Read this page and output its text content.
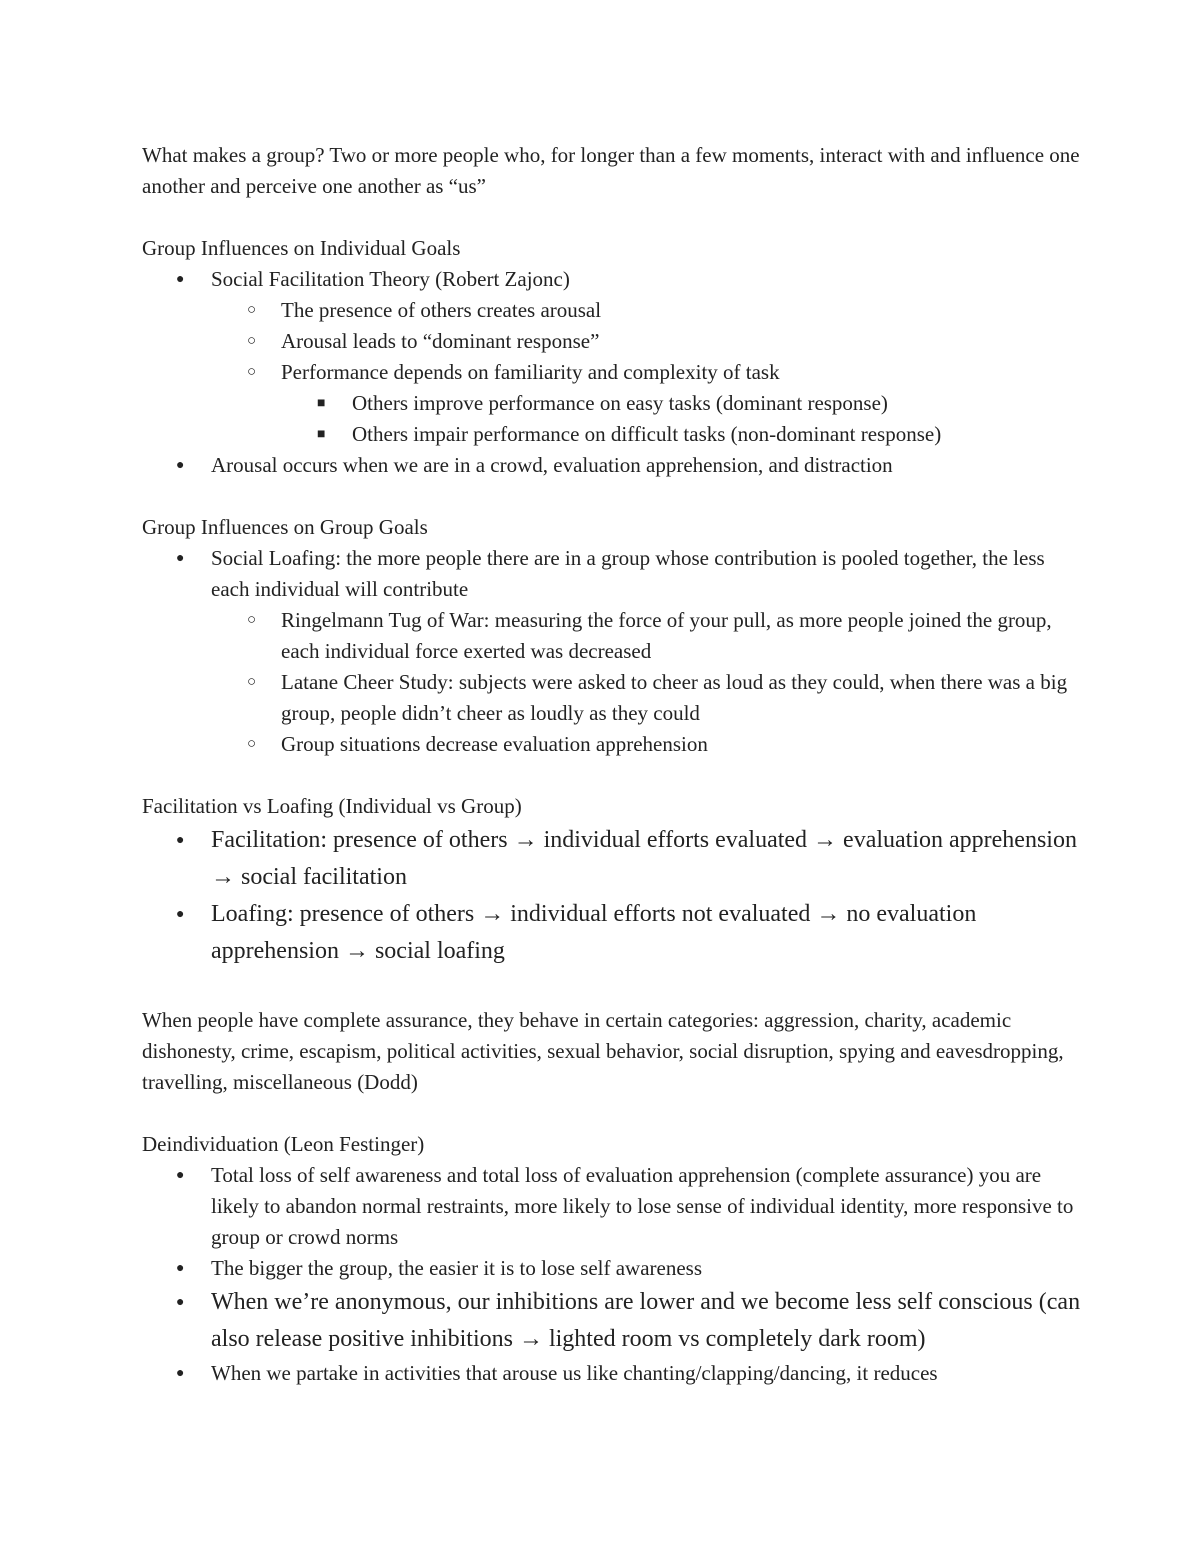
What makes a group? Two or more people who, for longer than a few moments, interact with and influence one another and perceive one another as “us”

Group Influences on Individual Goals

●
Social Facilitation Theory (Robert Zajonc)
○
The presence of others creates arousal
○
Arousal leads to “dominant response”
○
Performance depends on familiarity and complexity of task
■
Others improve performance on easy tasks (dominant response)
■
Others impair performance on difficult tasks (non-dominant response)
●
Arousal occurs when we are in a crowd, evaluation apprehension, and distraction

Group Influences on Group Goals

●
Social Loafing: the more people there are in a group whose contribution is pooled together, the less each individual will contribute
○
Ringelmann Tug of War: measuring the force of your pull, as more people joined the group, each individual force exerted was decreased
○
Latane Cheer Study: subjects were asked to cheer as loud as they could, when there was a big group, people didn’t cheer as loudly as they could
○
Group situations decrease evaluation apprehension

Facilitation vs Loafing (Individual vs Group)

●
Facilitation: presence of others → individual efforts evaluated → evaluation apprehension → social facilitation
●
Loafing: presence of others → individual efforts not evaluated → no evaluation apprehension → social loafing

When people have complete assurance, they behave in certain categories: aggression, charity, academic dishonesty, crime, escapism, political activities, sexual behavior, social disruption, spying and eavesdropping, travelling, miscellaneous (Dodd)

Deindividuation (Leon Festinger)

●
Total loss of self awareness and total loss of evaluation apprehension (complete assurance) you are likely to abandon normal restraints, more likely to lose sense of individual identity, more responsive to group or crowd norms
●
The bigger the group, the easier it is to lose self awareness
●
When we’re anonymous, our inhibitions are lower and we become less self conscious (can also release positive inhibitions → lighted room vs completely dark room)
●
When we partake in activities that arouse us like chanting/clapping/dancing, it reduces
